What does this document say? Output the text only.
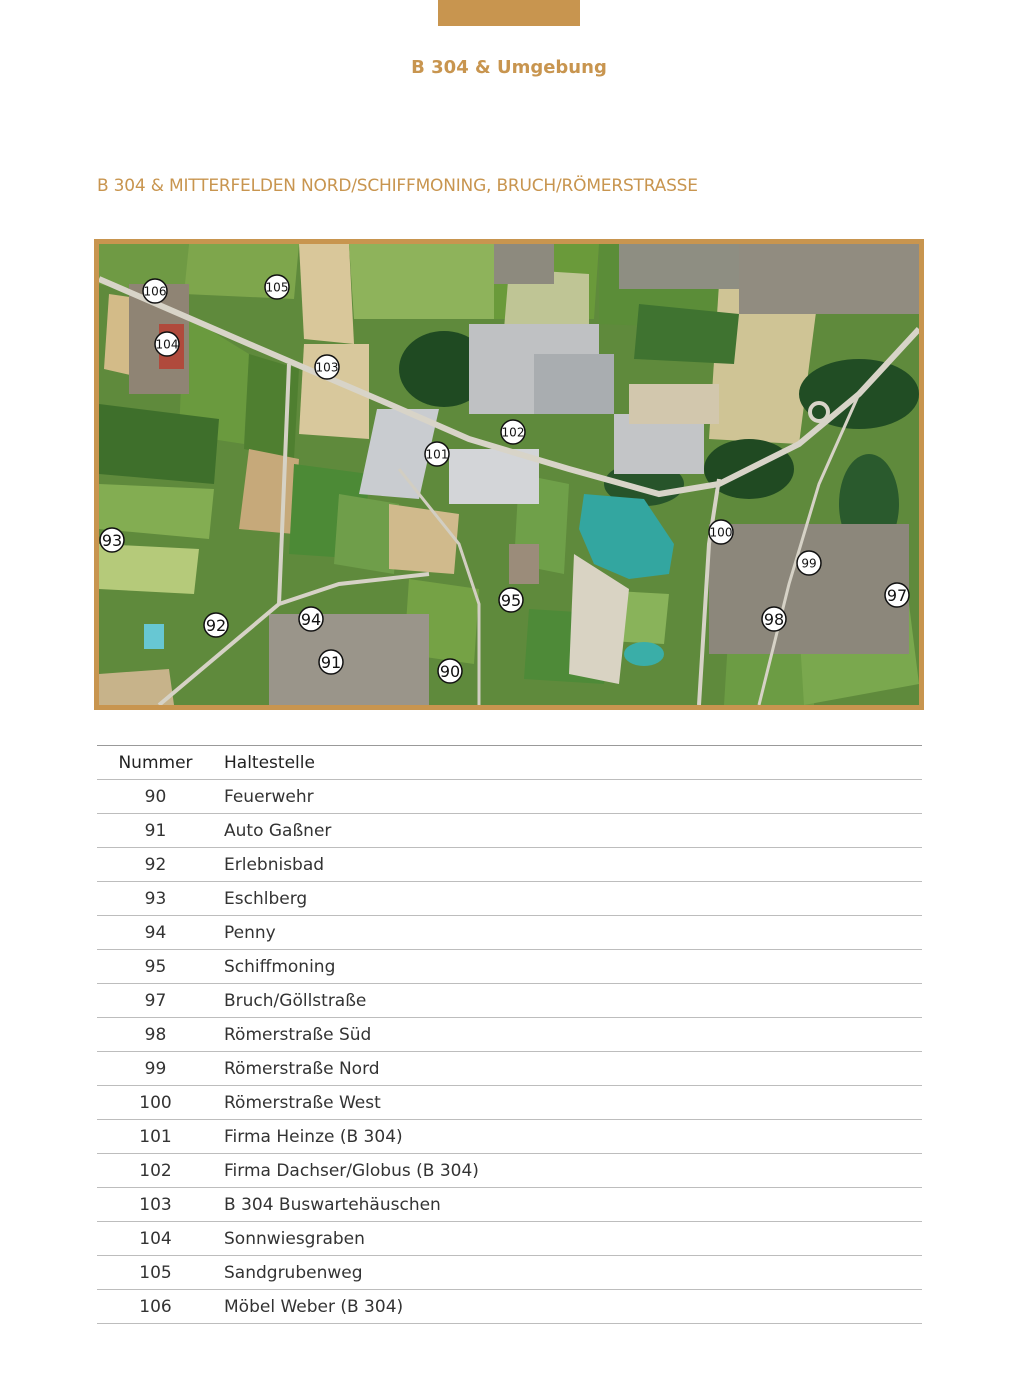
B 304 & Umgebung
B 304 & MITTERFELDEN NORD/SCHIFFMONING, BRUCH/RÖMERSTRASSE
106	105
104
103
102
101
100
99
98
97
95
94
93
92
91	90
Nummer	Haltestelle
90	Feuerwehr
91	Auto Gaßner
92	Erlebnisbad
93	Eschlberg
94	Penny
95	Schiffmoning
97	Bruch/Göllstraße
98	Römerstraße Süd
99	Römerstraße Nord
100	Römerstraße West
101	Firma Heinze (B 304)
102	Firma Dachser/Globus (B 304)
103	B 304 Buswartehäuschen
104	Sonnwiesgraben
105	Sandgrubenweg
106	Möbel Weber (B 304)
